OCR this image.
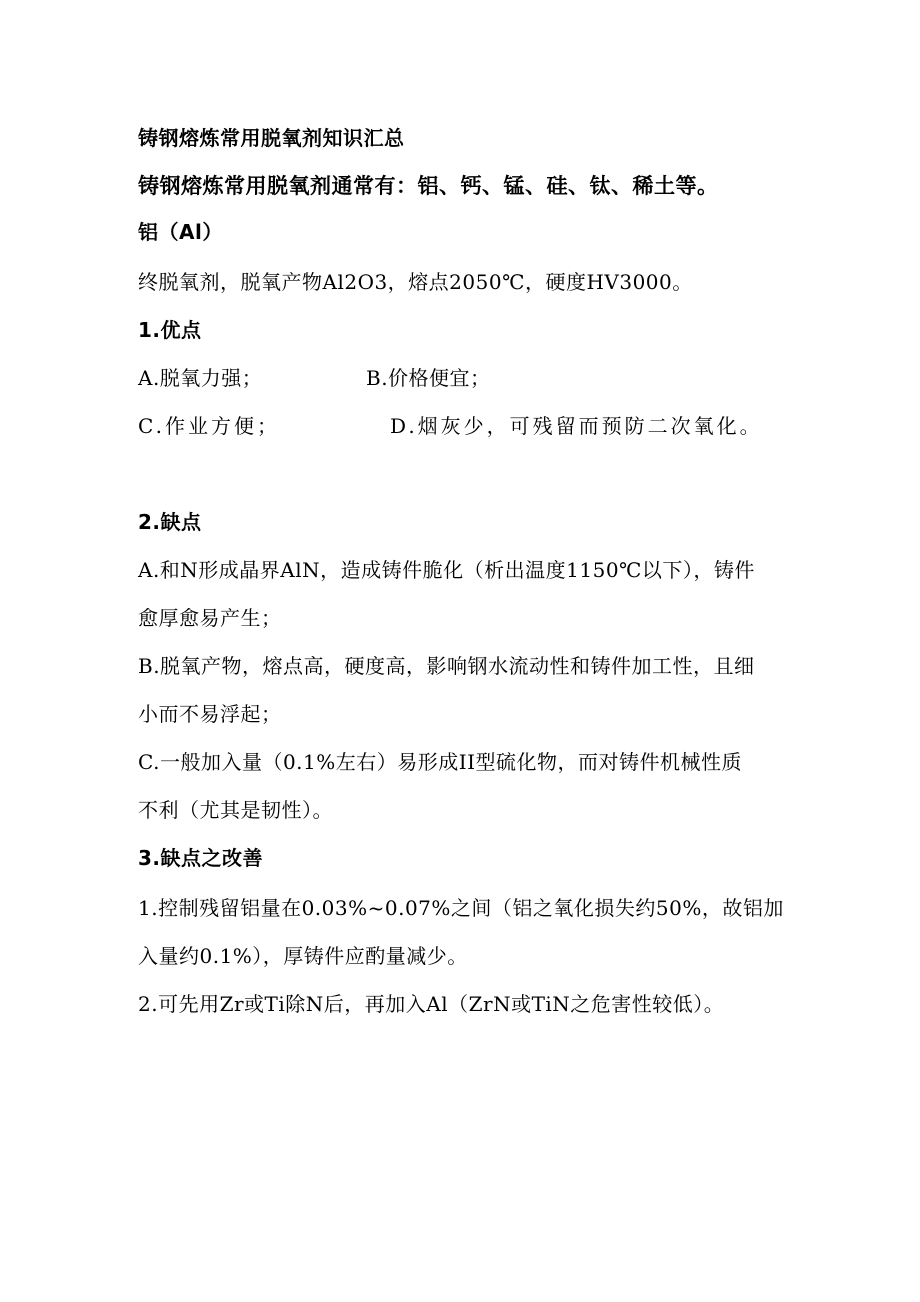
铸钢熔炼常用脱氧剂知识汇总
铸钢熔炼常用脱氧剂通常有：铝、钙、锰、硅、钛、稀土等。
铝（Al）
终脱氧剂，脱氧产物Al2O3，熔点2050℃，硬度HV3000。
1.优点
A.脱氧力强；	B.价格便宜；
C.作业方便；	D.烟灰少，可残留而预防二次氧化。
2.缺点
A.和N形成晶界AlN，造成铸件脆化（析出温度1150℃以下），铸件
愈厚愈易产生；
B.脱氧产物，熔点高，硬度高，影响钢水流动性和铸件加工性，且细
小而不易浮起；
C.一般加入量（0.1%左右）易形成II型硫化物，而对铸件机械性质
不利（尤其是韧性）。
3.缺点之改善
1.控制残留铝量在0.03%~0.07%之间（铝之氧化损失约50%，故铝加
入量约0.1%），厚铸件应酌量减少。
2.可先用Zr或Ti除N后，再加入Al（ZrN或TiN之危害性较低）。
